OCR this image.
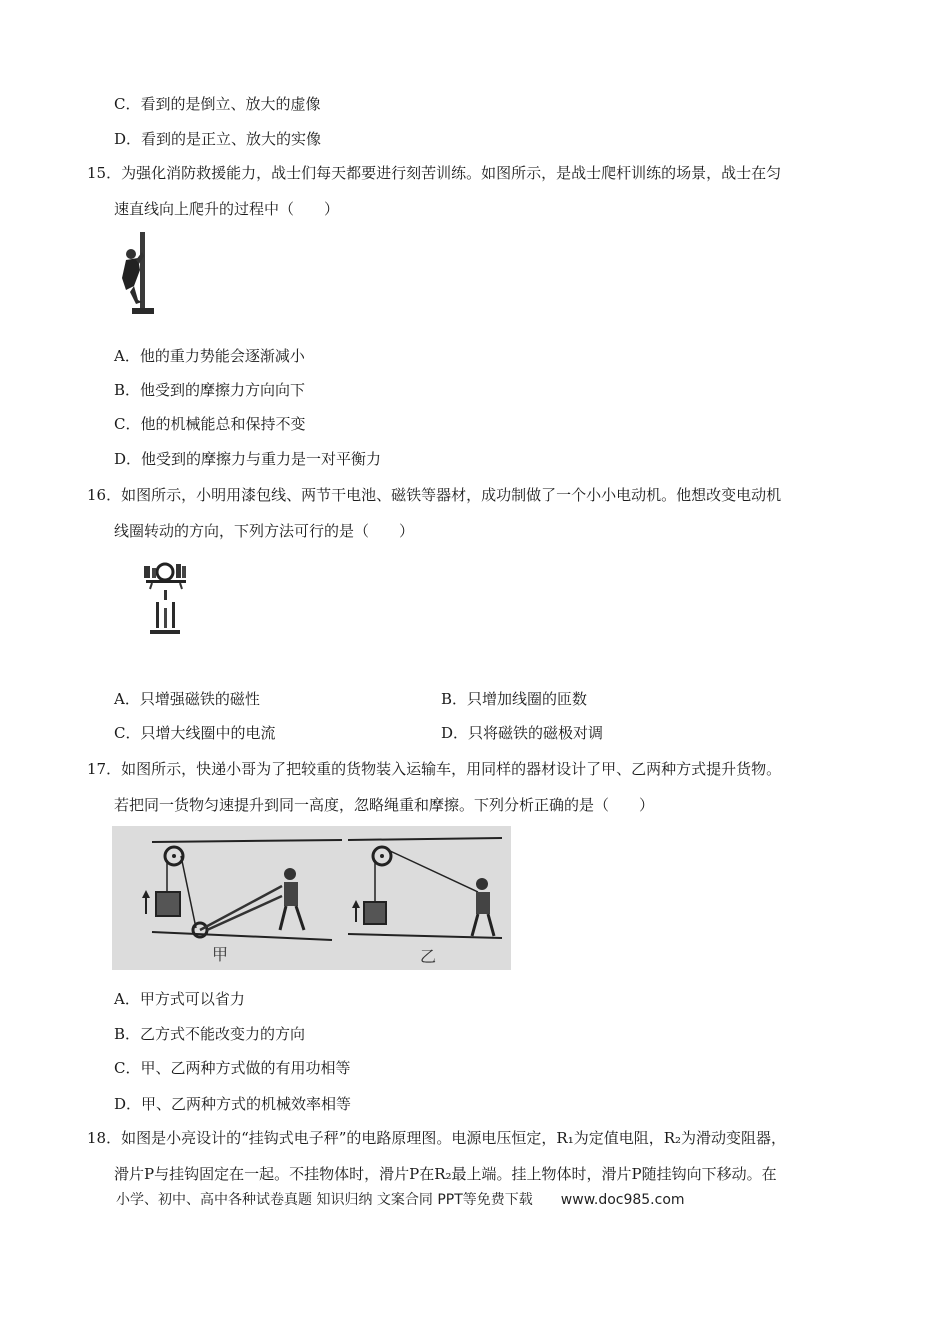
C．看到的是倒立、放大的虚像
D．看到的是正立、放大的实像
15．为强化消防救援能力，战士们每天都要进行刻苦训练。如图所示，是战士爬杆训练的场景，战士在匀
速直线向上爬升的过程中（　　）
A．他的重力势能会逐渐减小
B．他受到的摩擦力方向向下
C．他的机械能总和保持不变
D．他受到的摩擦力与重力是一对平衡力
16．如图所示，小明用漆包线、两节干电池、磁铁等器材，成功制做了一个小小电动机。他想改变电动机
线圈转动的方向，下列方法可行的是（　　）
A．只增强磁铁的磁性	B．只增加线圈的匝数
C．只增大线圈中的电流	D．只将磁铁的磁极对调
17．如图所示，快递小哥为了把较重的货物装入运输车，用同样的器材设计了甲、乙两种方式提升货物。
若把同一货物匀速提升到同一高度，忽略绳重和摩擦。下列分析正确的是（　　）
甲	乙
A．甲方式可以省力
B．乙方式不能改变力的方向
C．甲、乙两种方式做的有用功相等
D．甲、乙两种方式的机械效率相等
18．如图是小亮设计的“挂钩式电子秤”的电路原理图。电源电压恒定，R₁为定值电阻，R₂为滑动变阻器，
滑片P与挂钩固定在一起。不挂物体时，滑片P在R₂最上端。挂上物体时，滑片P随挂钩向下移动。在
小学、初中、高中各种试卷真题 知识归纳 文案合同 PPT等免费下载 www.doc985.com
